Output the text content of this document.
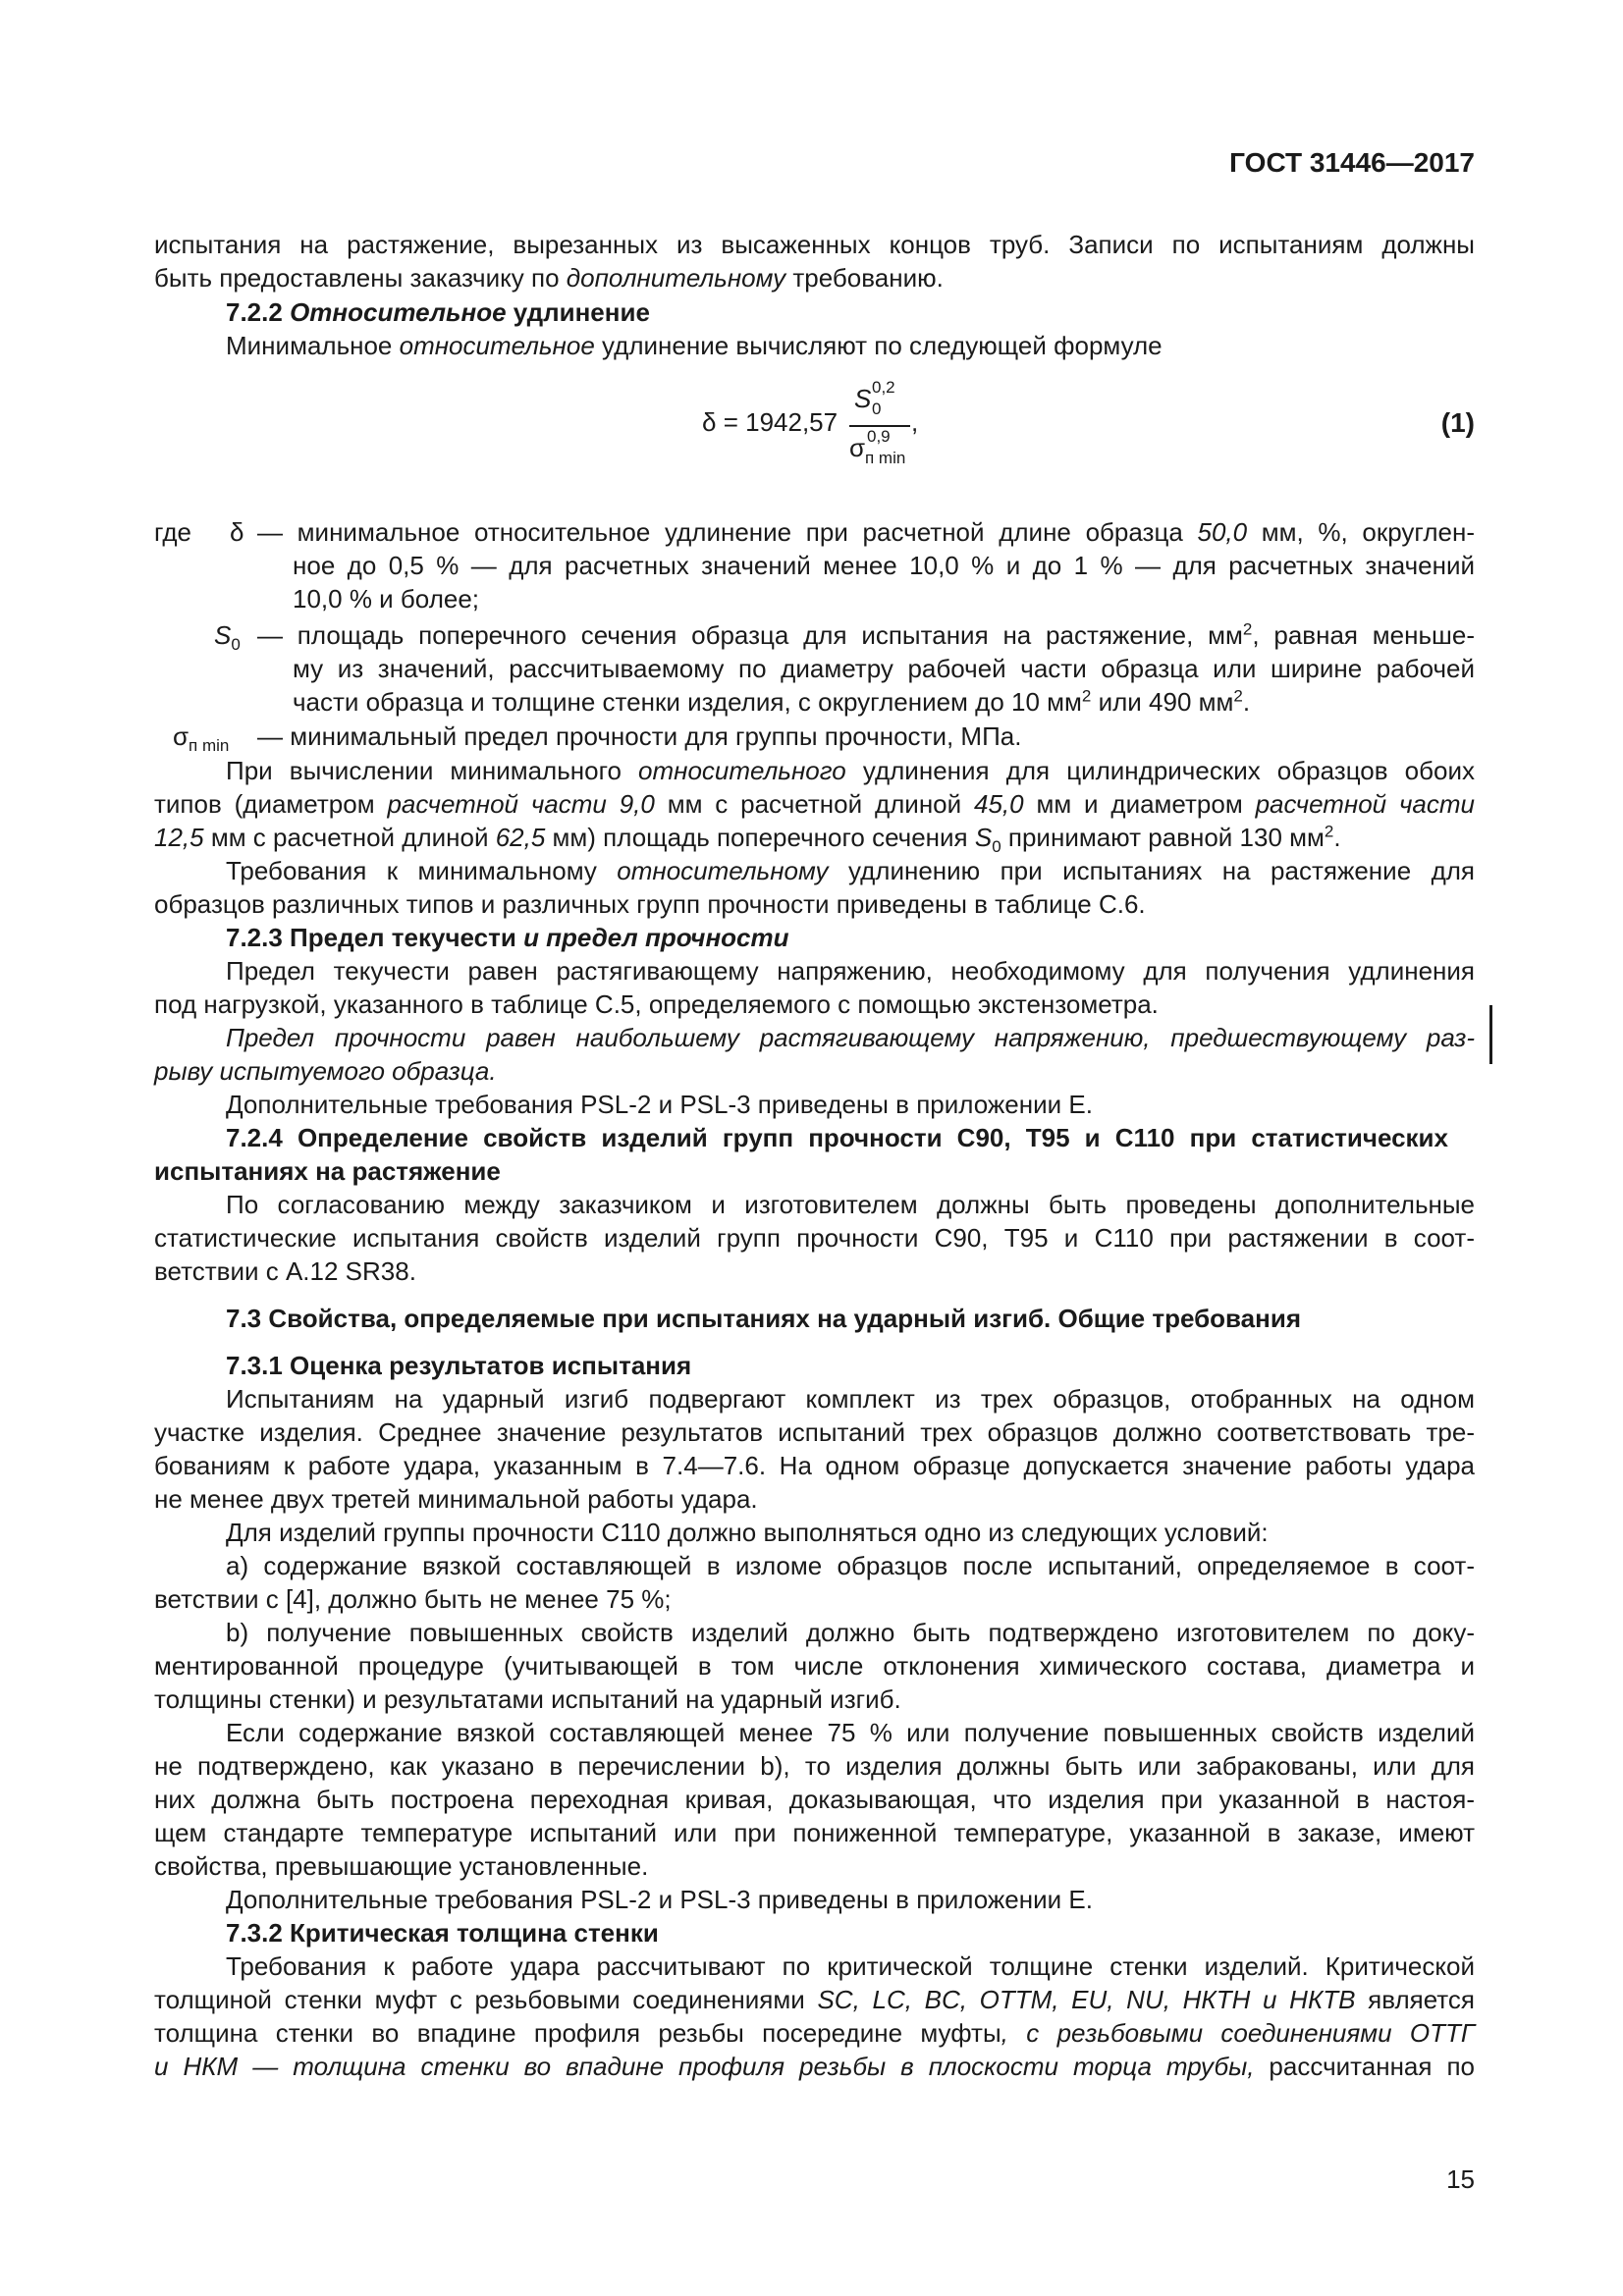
ГОСТ 31446—2017
испытания на растяжение, вырезанных из высаженных концов труб. Записи по испытаниям должны
быть предоставлены заказчику по дополнительному требованию.
7.2.2 Относительное удлинение
Минимальное относительное удлинение вычисляют по следующей формуле
δ = 1942,57
S 0,2
0 ,
σ 0,9
п min
(1)
где δ — минимальное относительное удлинение при расчетной длине образца 50,0 мм, %, округлен-
ное до 0,5 % — для расчетных значений менее 10,0 % и до 1 % — для расчетных значений
10,0 % и более;
$S_0$ — площадь поперечного сечения образца для испытания на растяжение, $мм^2$, равная меньше-
му из значений, рассчитываемому по диаметру рабочей части образца или ширине рабочей
части образца и толщине стенки изделия, с округлением до 10 $мм^2$ или 490 $мм^2$.
$\sigma_{п min}$ — минимальный предел прочности для группы прочности, МПа.
При вычислении минимального относительного удлинения для цилиндрических образцов обоих
типов (диаметром расчетной части 9,0 мм с расчетной длиной 45,0 мм и диаметром расчетной части
12,5 мм с расчетной длиной 62,5 мм) площадь поперечного сечения $S_0$ принимают равной 130 $мм^2$.
Требования к минимальному относительному удлинению при испытаниях на растяжение для
образцов различных типов и различных групп прочности приведены в таблице С.6.
7.2.3 Предел текучести и предел прочности
Предел текучести равен растягивающему напряжению, необходимому для получения удлинения
под нагрузкой, указанного в таблице С.5, определяемого с помощью экстензометра.
Предел прочности равен наибольшему растягивающему напряжению, предшествующему раз-
рыву испытуемого образца.
Дополнительные требования PSL-2 и PSL-3 приведены в приложении Е.
7.2.4 Определение свойств изделий групп прочности С90, Т95 и С110 при статистических
испытаниях на растяжение
По согласованию между заказчиком и изготовителем должны быть проведены дополнительные
статистические испытания свойств изделий групп прочности С90, Т95 и С110 при растяжении в соот-
ветствии с А.12 SR38.
7.3 Свойства, определяемые при испытаниях на ударный изгиб. Общие требования
7.3.1 Оценка результатов испытания
Испытаниям на ударный изгиб подвергают комплект из трех образцов, отобранных на одном
участке изделия. Среднее значение результатов испытаний трех образцов должно соответствовать тре-
бованиям к работе удара, указанным в 7.4—7.6. На одном образце допускается значение работы удара
не менее двух третей минимальной работы удара.
Для изделий группы прочности С110 должно выполняться одно из следующих условий:
a) содержание вязкой составляющей в изломе образцов после испытаний, определяемое в соот-
ветствии с [4], должно быть не менее 75 %;
b) получение повышенных свойств изделий должно быть подтверждено изготовителем по доку-
ментированной процедуре (учитывающей в том числе отклонения химического состава, диаметра и
толщины стенки) и результатами испытаний на ударный изгиб.
Если содержание вязкой составляющей менее 75 % или получение повышенных свойств изделий
не подтверждено, как указано в перечислении b), то изделия должны быть или забракованы, или для
них должна быть построена переходная кривая, доказывающая, что изделия при указанной в настоя-
щем стандарте температуре испытаний или при пониженной температуре, указанной в заказе, имеют
свойства, превышающие установленные.
Дополнительные требования PSL-2 и PSL-3 приведены в приложении Е.
7.3.2 Критическая толщина стенки
Требования к работе удара рассчитывают по критической толщине стенки изделий. Критической
толщиной стенки муфт с резьбовыми соединениями SC, LC, BC, OTTM, EU, NU, НКТН и НКТВ является
толщина стенки во впадине профиля резьбы посередине муфты, с резьбовыми соединениями ОТТГ
и НКМ — толщина стенки во впадине профиля резьбы в плоскости торца трубы, рассчитанная по
15
